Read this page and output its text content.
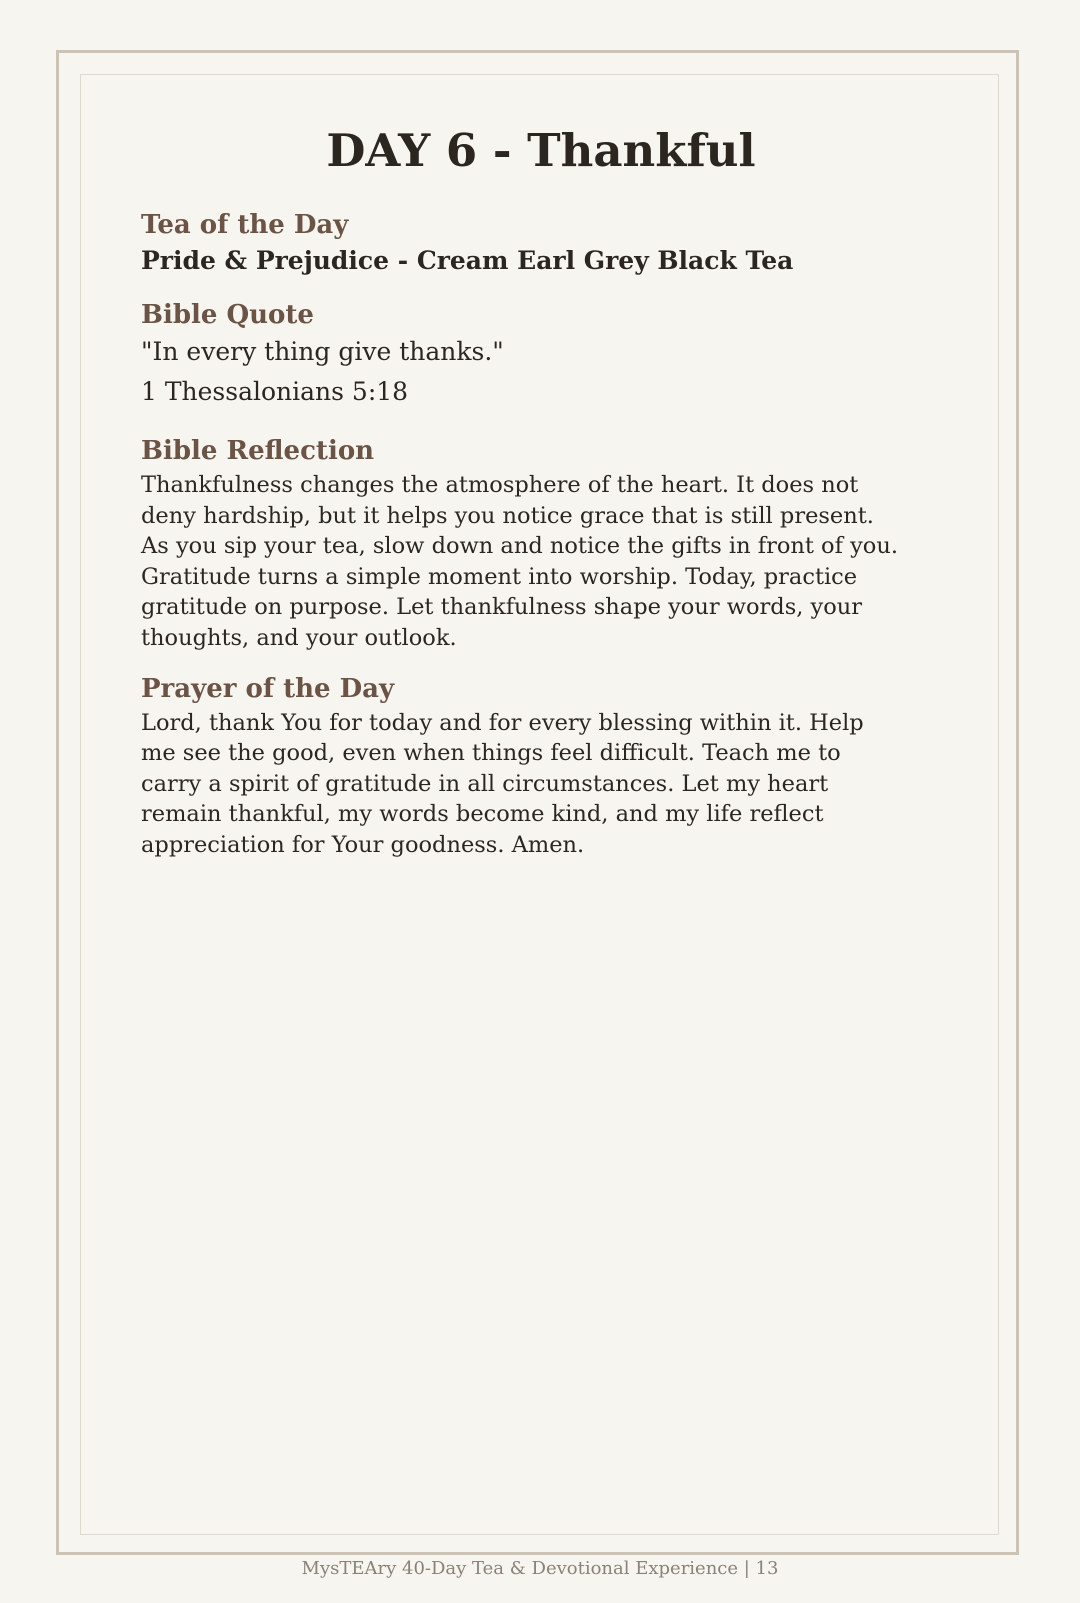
DAY 6 - Thankful
Tea of the Day

Pride & Prejudice - Cream Earl Grey Black Tea

Bible Quote

"In every thing give thanks."

1 Thessalonians 5:18

Bible Reflection

Thankfulness changes the atmosphere of the heart. It does not
deny hardship, but it helps you notice grace that is still present.
As you sip your tea, slow down and notice the gifts in front of you.
Gratitude turns a simple moment into worship. Today, practice
gratitude on purpose. Let thankfulness shape your words, your
thoughts, and your outlook.

Prayer of the Day

Lord, thank You for today and for every blessing within it. Help
me see the good, even when things feel difficult. Teach me to
carry a spirit of gratitude in all circumstances. Let my heart
remain thankful, my words become kind, and my life reflect
appreciation for Your goodness. Amen.

MysTEAry 40-Day Tea & Devotional Experience | 13
